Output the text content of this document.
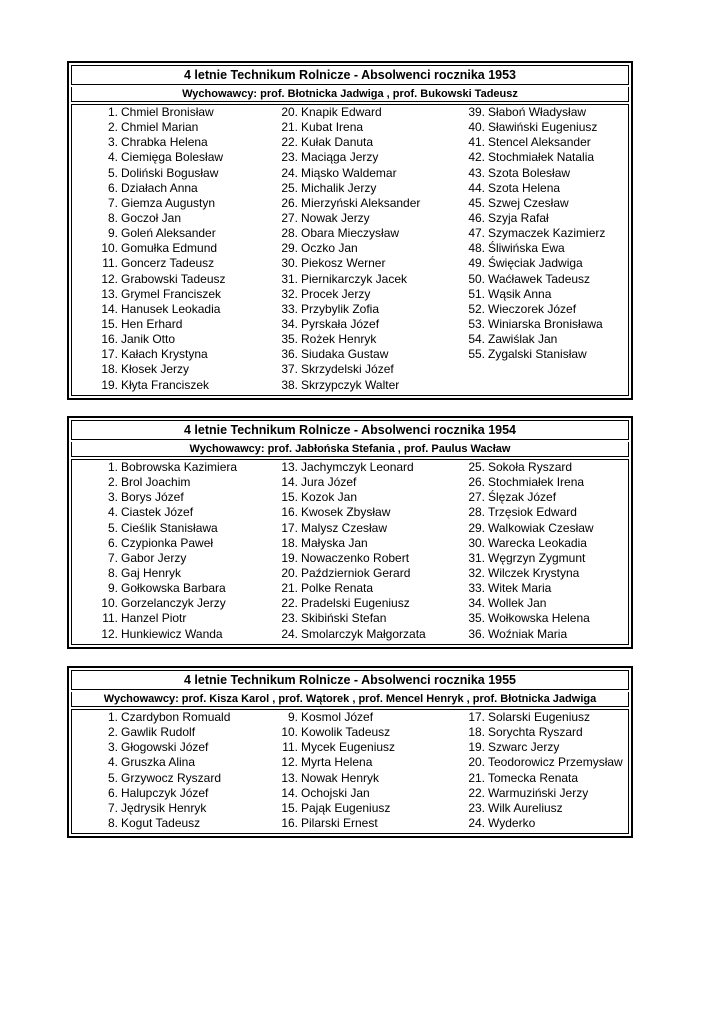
4 letnie Technikum Rolnicze - Absolwenci rocznika 1953
Wychowawcy: prof. Błotnicka Jadwiga , prof. Bukowski Tadeusz
1. Chmiel Bronisław
2. Chmiel Marian
3. Chrabka Helena
4. Ciemięga Bolesław
5. Doliński Bogusław
6. Działach Anna
7. Giemza Augustyn
8. Goczoł Jan
9. Goleń Aleksander
10. Gomułka Edmund
11. Goncerz Tadeusz
12. Grabowski Tadeusz
13. Grymel Franciszek
14. Hanusek Leokadia
15. Hen Erhard
16. Janik Otto
17. Kałach Krystyna
18. Kłosek Jerzy
19. Kłyta Franciszek
20. Knapik Edward
21. Kubat Irena
22. Kułak Danuta
23. Maciąga Jerzy
24. Miąsko Waldemar
25. Michalik Jerzy
26. Mierzyński Aleksander
27. Nowak Jerzy
28. Obara Mieczysław
29. Oczko Jan
30. Piekosz Werner
31. Piernikarczyk Jacek
32. Procek Jerzy
33. Przybylik Zofia
34. Pyrskała Józef
35. Rożek Henryk
36. Siudaka Gustaw
37. Skrzydelski Józef
38. Skrzypczyk Walter
39. Słaboń Władysław
40. Sławiński Eugeniusz
41. Stencel Aleksander
42. Stochmiałek Natalia
43. Szota Bolesław
44. Szota Helena
45. Szwej Czesław
46. Szyja Rafał
47. Szymaczek Kazimierz
48. Śliwińska Ewa
49. Święciak Jadwiga
50. Waćławek Tadeusz
51. Wąsik Anna
52. Wieczorek Józef
53. Winiarska Bronisława
54. Zawiślak Jan
55. Zygalski Stanisław
4 letnie Technikum Rolnicze - Absolwenci rocznika 1954
Wychowawcy: prof. Jabłońska Stefania , prof. Paulus Wacław
1. Bobrowska Kazimiera
2. Brol Joachim
3. Borys Józef
4. Ciastek Józef
5. Cieślik Stanisława
6. Czypionka Paweł
7. Gabor Jerzy
8. Gaj Henryk
9. Gołkowska Barbara
10. Gorzelanczyk Jerzy
11. Hanzel Piotr
12. Hunkiewicz Wanda
13. Jachymczyk Leonard
14. Jura Józef
15. Kozok Jan
16. Kwosek Zbysław
17. Malysz Czesław
18. Małyska Jan
19. Nowaczenko Robert
20. Październiok Gerard
21. Polke Renata
22. Pradelski Eugeniusz
23. Skibiński Stefan
24. Smolarczyk Małgorzata
25. Sokoła Ryszard
26. Stochmiałek Irena
27. Ślęzak Józef
28. Trzęsiok Edward
29. Walkowiak Czesław
30. Warecka Leokadia
31. Węgrzyn Zygmunt
32. Wilczek Krystyna
33. Witek Maria
34. Wollek Jan
35. Wołkowska Helena
36. Woźniak Maria
4 letnie Technikum Rolnicze - Absolwenci rocznika 1955
Wychowawcy: prof. Kisza Karol , prof. Wątorek , prof. Mencel Henryk , prof. Błotnicka Jadwiga
1. Czardybon Romuald
2. Gawlik Rudolf
3. Głogowski Józef
4. Gruszka Alina
5. Grzywocz Ryszard
6. Halupczyk Józef
7. Jędrysik Henryk
8. Kogut Tadeusz
9. Kosmol Józef
10. Kowolik Tadeusz
11. Mycek Eugeniusz
12. Myrta Helena
13. Nowak Henryk
14. Ochojski Jan
15. Pająk Eugeniusz
16. Pilarski Ernest
17. Solarski Eugeniusz
18. Sorychta Ryszard
19. Szwarc Jerzy
20. Teodorowicz Przemysław
21. Tomecka Renata
22. Warmuziński Jerzy
23. Wilk Aureliusz
24. Wyderko
